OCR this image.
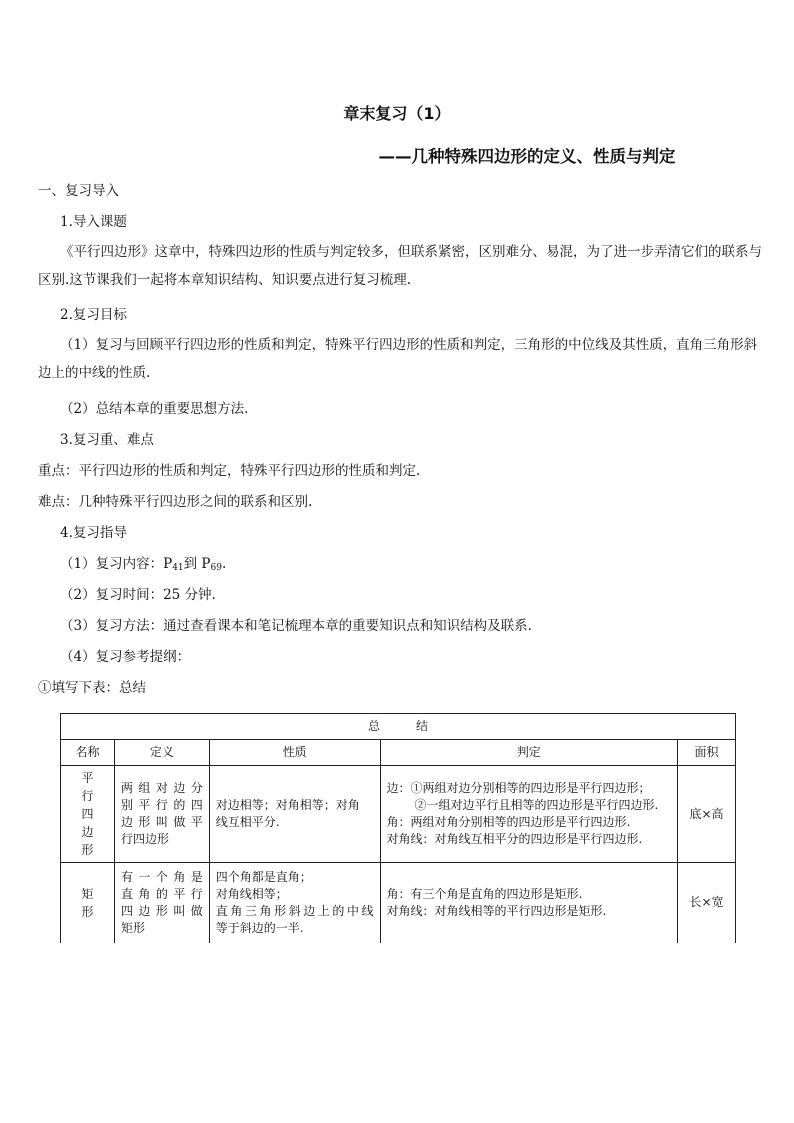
章末复习（1）
——几种特殊四边形的定义、性质与判定
一、复习导入
1.导入课题
《平行四边形》这章中，特殊四边形的性质与判定较多，但联系紧密，区别难分、易混，为了进一步弄清它们的联系与区别.这节课我们一起将本章知识结构、知识要点进行复习梳理.
2.复习目标
（1）复习与回顾平行四边形的性质和判定，特殊平行四边形的性质和判定，三角形的中位线及其性质，直角三角形斜边上的中线的性质.
（2）总结本章的重要思想方法.
3.复习重、难点
重点：平行四边形的性质和判定，特殊平行四边形的性质和判定.
难点：几种特殊平行四边形之间的联系和区别.
4.复习指导
（1）复习内容：$P_{41}$到 $P_{69}$.
（2）复习时间：25 分钟.
（3）复习方法：通过查看课本和笔记梳理本章的重要知识点和知识结构及联系.
（4）复习参考提纲：
①填写下表：总结
总　　　结				
名称	定义	性质	判定	面积

平
行
四
边
形	两组对边分
别平行的四
边形叫做平
行四边形	对边相等；对角相等；对角
线互相平分.	边：①两组对边分别相等的四边形是平行四边形；
②一组对边平行且相等的四边形是平行四边形.
角：两组对角分别相等的四边形是平行四边形.
对角线：对角线互相平分的四边形是平行四边形.	底×高

矩
形	有一个角是
直角的平行
四边形叫做
矩形	四个角都是直角；
对角线相等；
直角三角形斜边上的中线
等于斜边的一半.	角：有三个角是直角的四边形是矩形.
对角线：对角线相等的平行四边形是矩形.	长×宽
